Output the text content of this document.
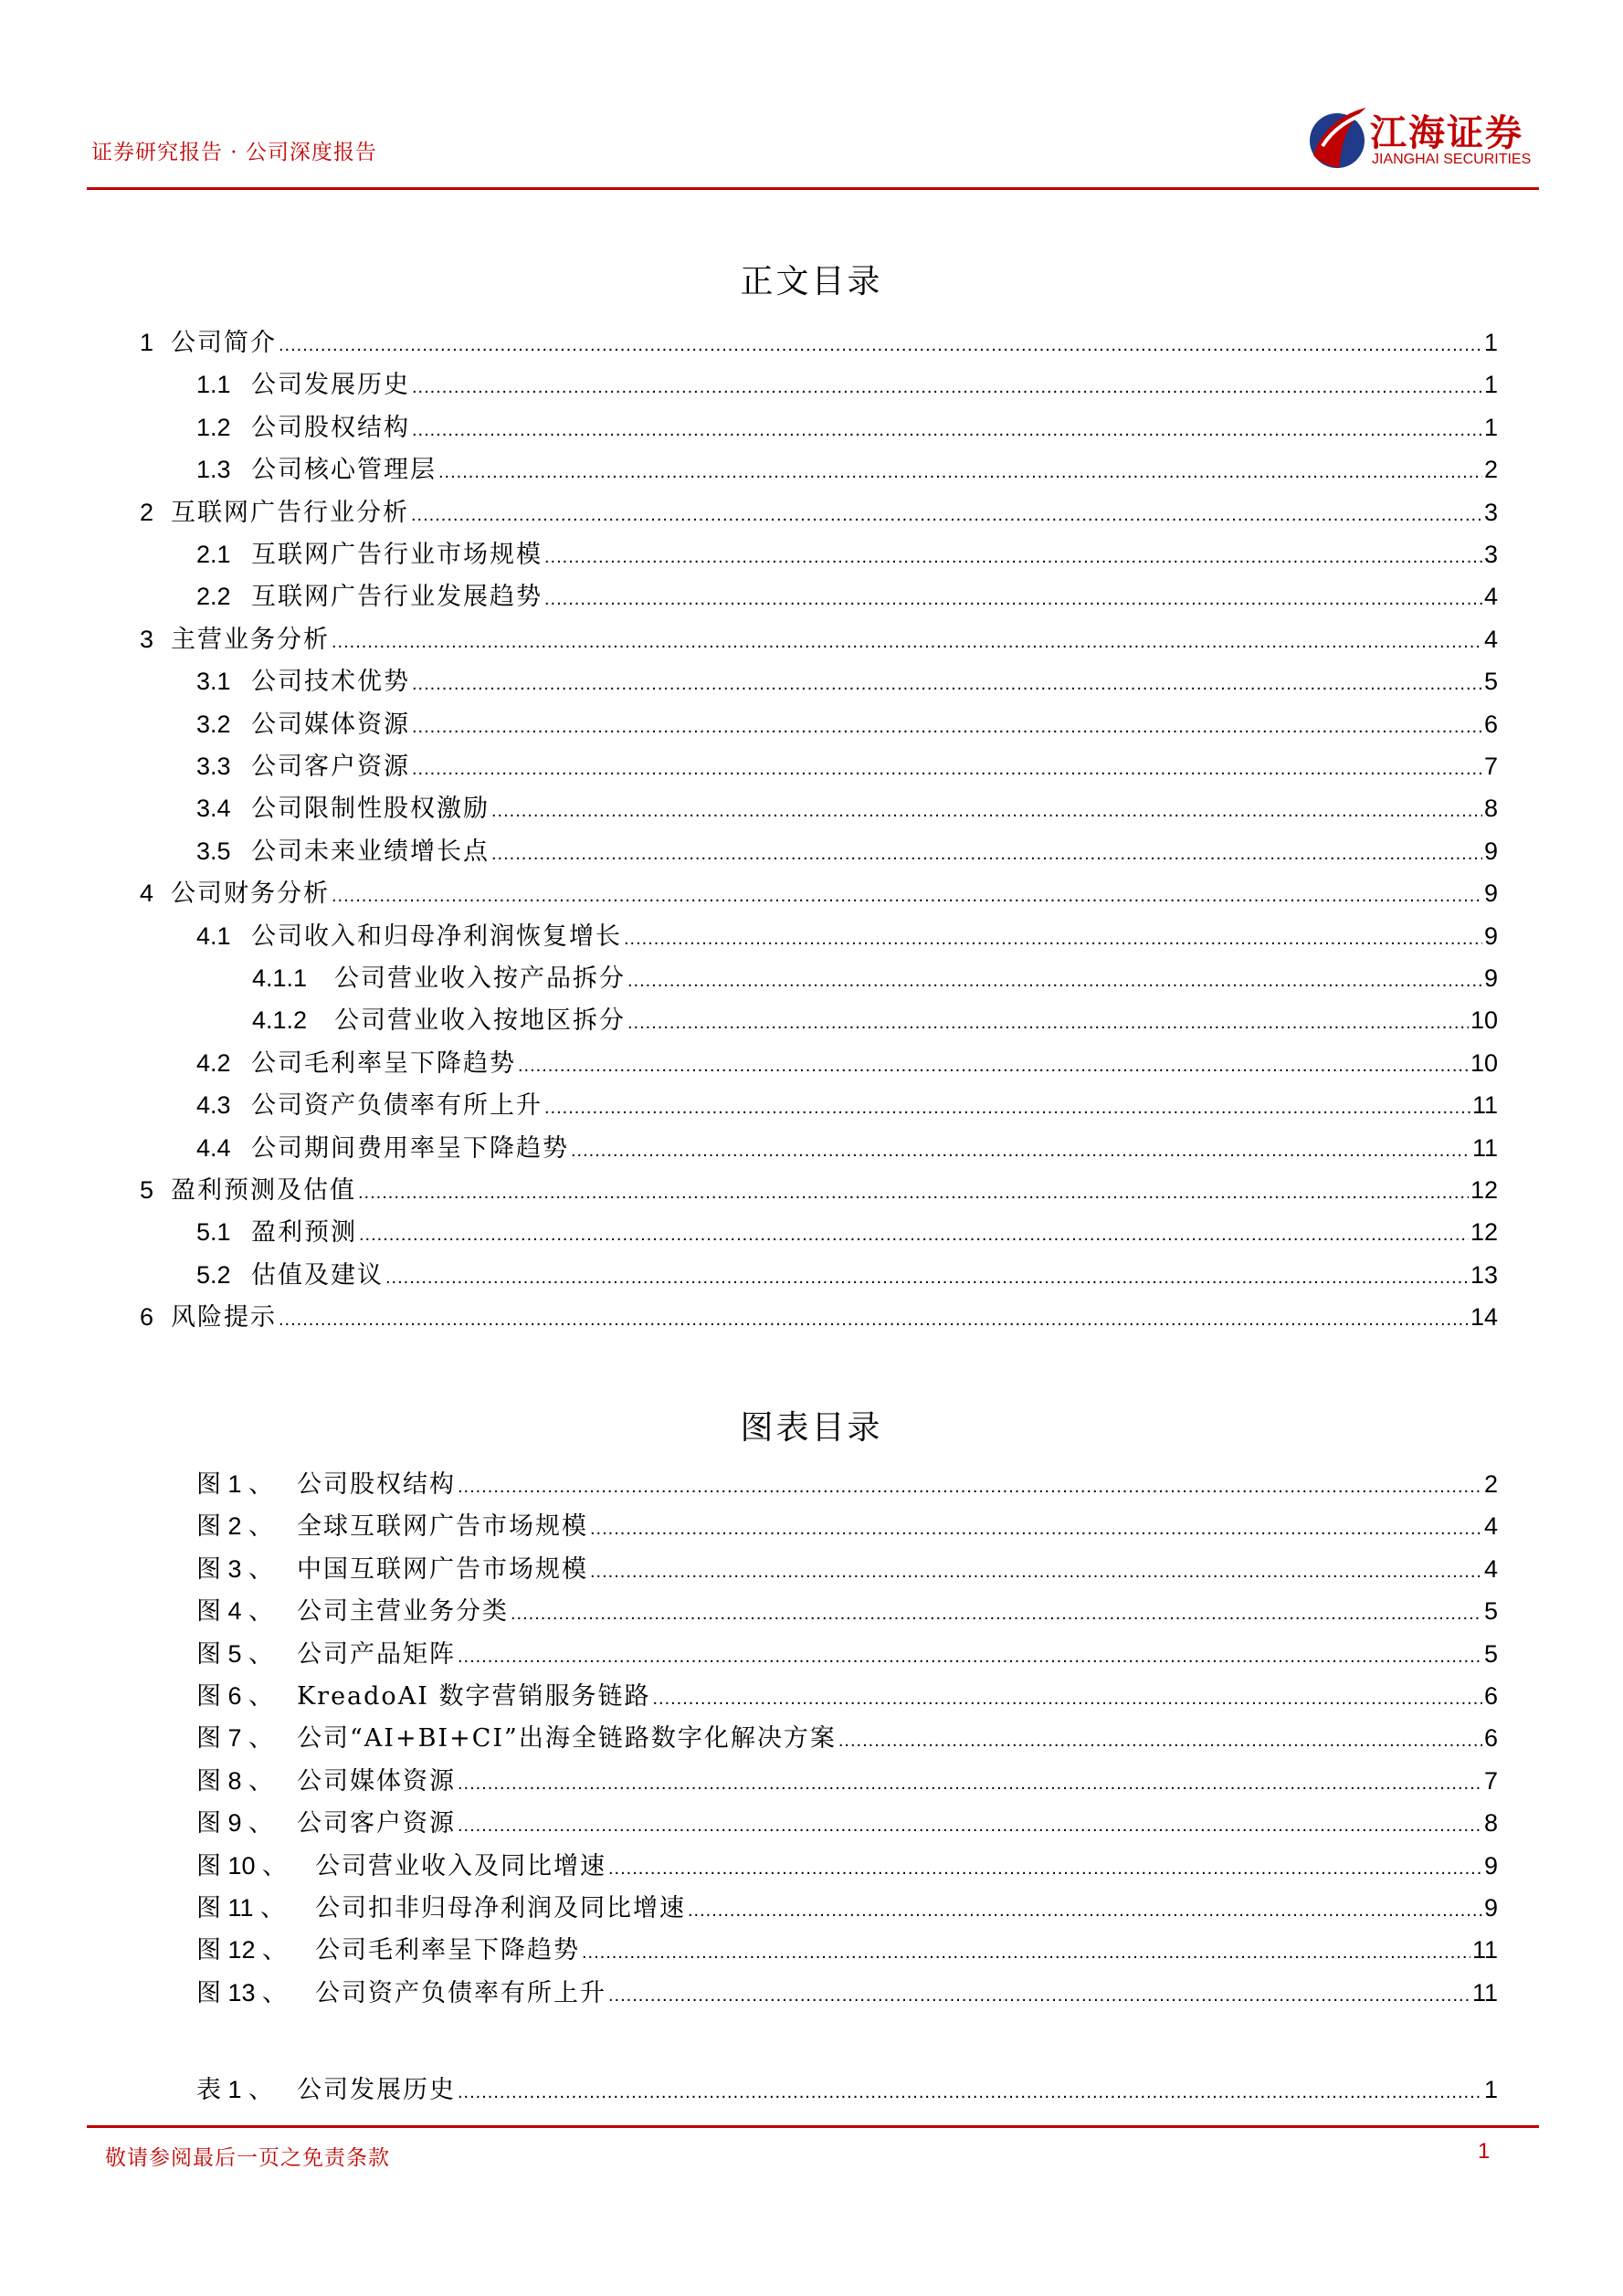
证券研究报告 · 公司深度报告	江海证券
JIANGHAI SECURITIES
正文目录
1 公司简介 .....	1
1.1 公司发展历史 .....	1
1.2 公司股权结构 .....	1
1.3 公司核心管理层 .....	2
2 互联网广告行业分析 .....	3
2.1 互联网广告行业市场规模 .....	3
2.2 互联网广告行业发展趋势 .....	4
3 主营业务分析 .....	4
3.1 公司技术优势 .....	5
3.2 公司媒体资源 .....	6
3.3 公司客户资源 .....	7
3.4 公司限制性股权激励 .....	8
3.5 公司未来业绩增长点 .....	9
4 公司财务分析 .....	9
4.1 公司收入和归母净利润恢复增长 .....	9
4.1.1	公司营业收入按产品拆分 .....	9
4.1.2	公司营业收入按地区拆分 .....	10
4.2 公司毛利率呈下降趋势 .....	10
4.3 公司资产负债率有所上升 .....	11
4.4 公司期间费用率呈下降趋势 .....	11
5 盈利预测及估值 .....	12
5.1 盈利预测 .....	12
5.2 估值及建议 .....	13
6 风险提示 .....	14
图表目录
图 1 、 公司股权结构 .....	2
图 2 、 全球互联网广告市场规模 .....	4
图 3 、 中国互联网广告市场规模 .....	4
图 4 、 公司主营业务分类 .....	5
图 5 、 公司产品矩阵 .....	5
图 6 、 KreadoAI 数字营销服务链路 .....	6
图 7 、 公司“AI+BI+CI”出海全链路数字化解决方案 .....	6
图 8 、 公司媒体资源 .....	7
图 9 、 公司客户资源 .....	8
图 10 、	公司营业收入及同比增速 .....	9
图 11 、	公司扣非归母净利润及同比增速 .....	9
图 12 、	公司毛利率呈下降趋势 .....	11
图 13 、	公司资产负债率有所上升 .....	11
表 1 、 公司发展历史 .....	1
敬请参阅最后一页之免责条款	1
